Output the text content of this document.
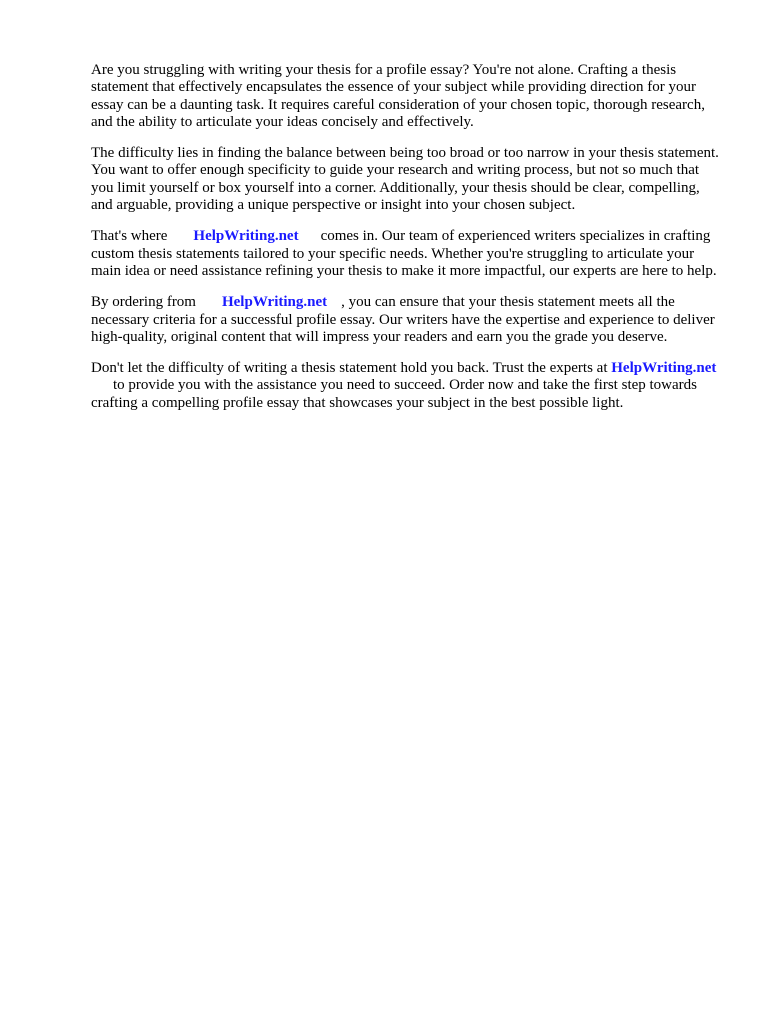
Are you struggling with writing your thesis for a profile essay? You're not alone. Crafting a thesis statement that effectively encapsulates the essence of your subject while providing direction for your essay can be a daunting task. It requires careful consideration of your chosen topic, thorough research, and the ability to articulate your ideas concisely and effectively.

The difficulty lies in finding the balance between being too broad or too narrow in your thesis statement. You want to offer enough specificity to guide your research and writing process, but not so much that you limit yourself or box yourself into a corner. Additionally, your thesis should be clear, compelling, and arguable, providing a unique perspective or insight into your chosen subject.

That's where HelpWriting.net comes in. Our team of experienced writers specializes in crafting custom thesis statements tailored to your specific needs. Whether you're struggling to articulate your main idea or need assistance refining your thesis to make it more impactful, our experts are here to help.

By ordering from HelpWriting.net , you can ensure that your thesis statement meets all the necessary criteria for a successful profile essay. Our writers have the expertise and experience to deliver high-quality, original content that will impress your readers and earn you the grade you deserve.

Don't let the difficulty of writing a thesis statement hold you back. Trust the experts at HelpWriting.netto provide you with the assistance you need to succeed. Order now and take the first step towards crafting a compelling profile essay that showcases your subject in the best possible light.
